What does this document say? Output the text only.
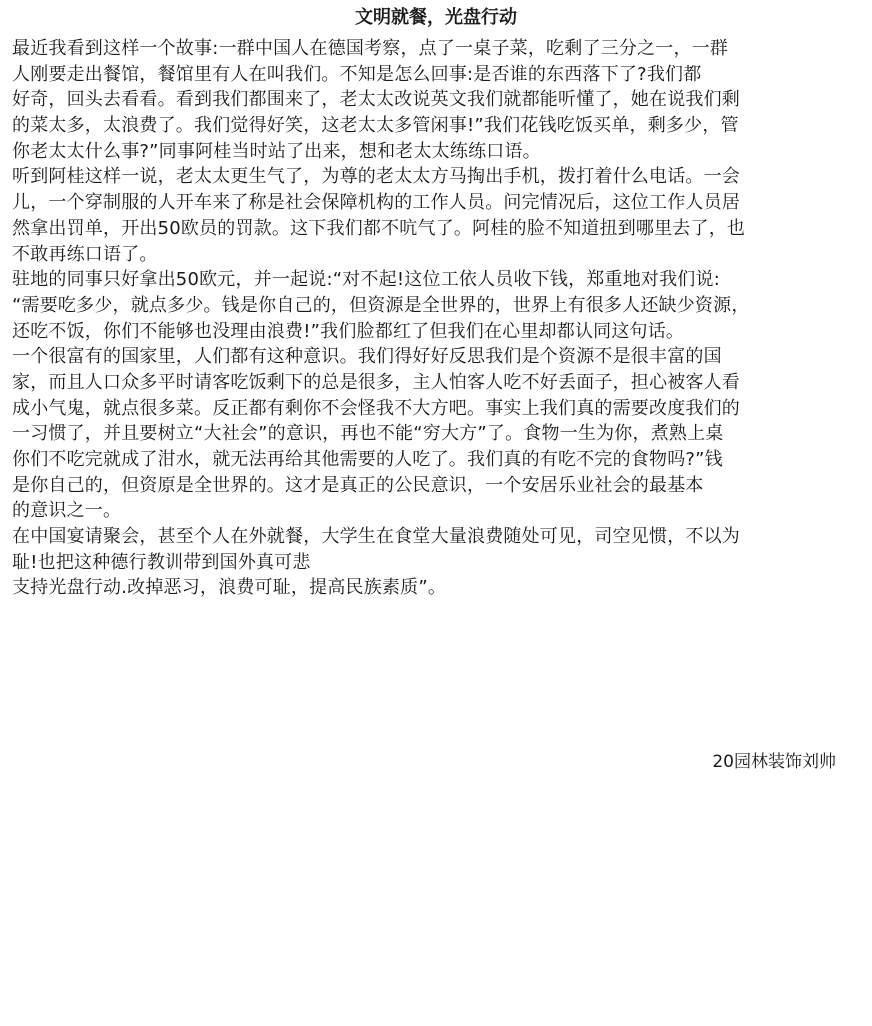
文明就餐，光盘行动
最近我看到这样一个故事:一群中国人在德国考察，点了一桌子菜，吃剩了三分之一，一群
人刚要走出餐馆，餐馆里有人在叫我们。不知是怎么回事:是否谁的东西落下了?我们都
好奇，回头去看看。看到我们都围来了，老太太改说英文我们就都能听懂了，她在说我们剩
的菜太多，太浪费了。我们觉得好笑，这老太太多管闲事!”我们花钱吃饭买单，剩多少，管
你老太太什么事?”同事阿桂当时站了出来，想和老太太练练口语。
听到阿桂这样一说，老太太更生气了，为尊的老太太方马掏出手机，拨打着什么电话。一会
儿，一个穿制服的人开车来了称是社会保障机构的工作人员。问完情况后，这位工作人员居
然拿出罚单，开出50欧员的罚款。这下我们都不吭气了。阿桂的脸不知道扭到哪里去了，也
不敢再练口语了。
驻地的同事只好拿出50欧元，并一起说:“对不起!这位工依人员收下钱，郑重地对我们说:
“需要吃多少，就点多少。钱是你自己的，但资源是全世界的，世界上有很多人还缺少资源，
还吃不饭，你们不能够也没理由浪费!”我们脸都红了但我们在心里却都认同这句话。
一个很富有的国家里，人们都有这种意识。我们得好好反思我们是个资源不是很丰富的国
家，而且人口众多平时请客吃饭剩下的总是很多，主人怕客人吃不好丢面子，担心被客人看
成小气鬼，就点很多菜。反正都有剩你不会怪我不大方吧。事实上我们真的需要改度我们的
一习惯了，并且要树立“大社会”的意识，再也不能“穷大方”了。食物一生为你，煮熟上桌
你们不吃完就成了泔水，就无法再给其他需要的人吃了。我们真的有吃不完的食物吗?”钱
是你自己的，但资原是全世界的。这才是真正的公民意识，一个安居乐业社会的最基本
的意识之一。
在中国宴请聚会，甚至个人在外就餐，大学生在食堂大量浪费随处可见，司空见惯，不以为
耻!也把这种德行教训带到国外真可悲
支持光盘行动.改掉恶习，浪费可耻，提高民族素质”。
20园林装饰刘帅
